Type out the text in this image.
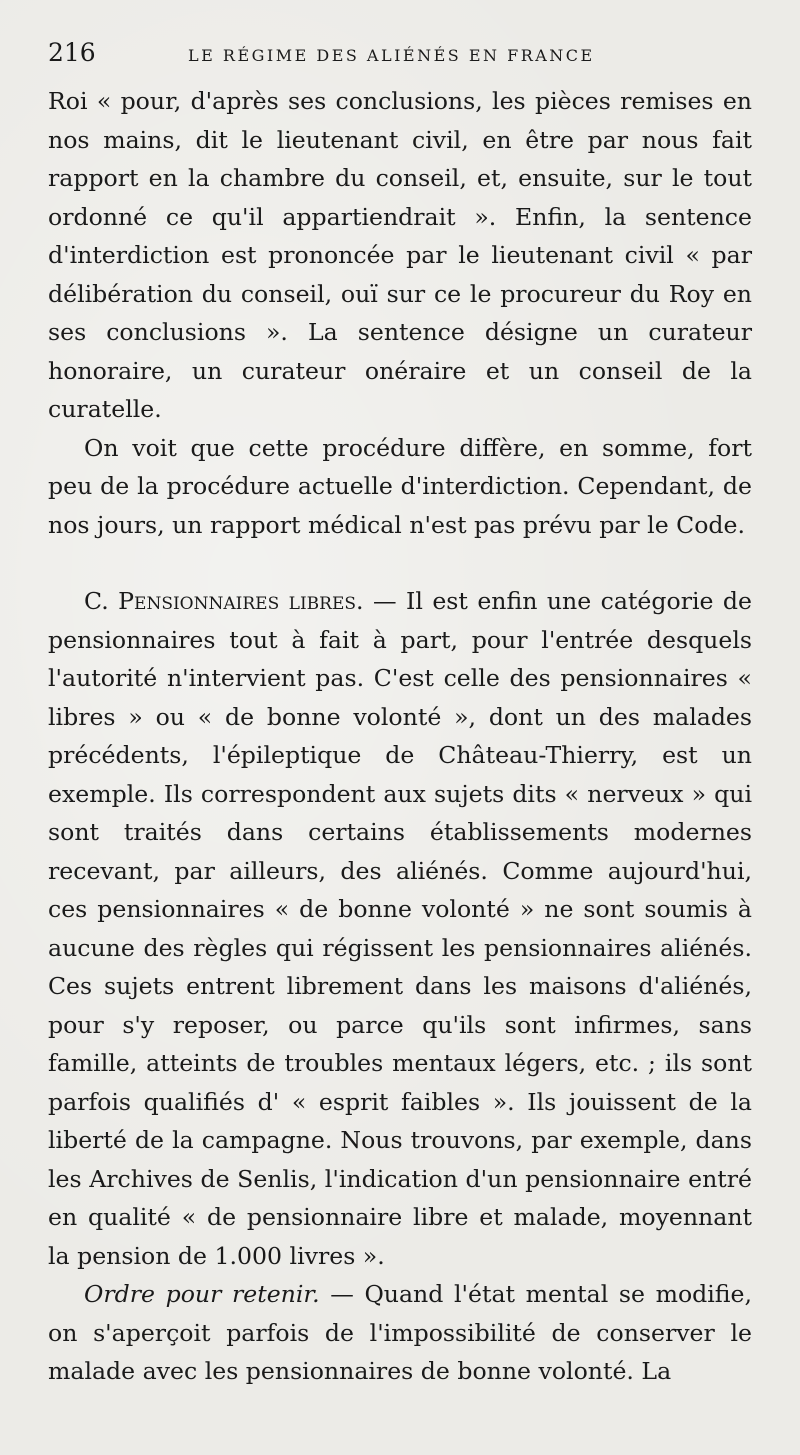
216	LE RÉGIME DES ALIÉNÉS EN FRANCE

Roi « pour, d'après ses conclusions, les pièces remises en nos mains, dit le lieutenant civil, en être par nous fait rapport en la chambre du conseil, et, ensuite, sur le tout ordonné ce qu'il appartiendrait ». Enfin, la sentence d'interdiction est prononcée par le lieutenant civil « par délibération du conseil, ouï sur ce le procureur du Roy en ses conclusions ». La sentence désigne un curateur honoraire, un curateur onéraire et un conseil de la curatelle.

On voit que cette procédure diffère, en somme, fort peu de la procédure actuelle d'interdiction. Cependant, de nos jours, un rapport médical n'est pas prévu par le Code.

C. Pensionnaires libres. — Il est enfin une catégorie de pensionnaires tout à fait à part, pour l'entrée desquels l'autorité n'intervient pas. C'est celle des pensionnaires « libres » ou « de bonne volonté », dont un des malades précédents, l'épileptique de Château-Thierry, est un exemple. Ils correspondent aux sujets dits « nerveux » qui sont traités dans certains établissements modernes recevant, par ailleurs, des aliénés. Comme aujourd'hui, ces pensionnaires « de bonne volonté » ne sont soumis à aucune des règles qui régissent les pensionnaires aliénés. Ces sujets entrent librement dans les maisons d'aliénés, pour s'y reposer, ou parce qu'ils sont infirmes, sans famille, atteints de troubles mentaux légers, etc. ; ils sont parfois qualifiés d' « esprit faibles ». Ils jouissent de la liberté de la campagne. Nous trouvons, par exemple, dans les Archives de Senlis, l'indication d'un pensionnaire entré en qualité « de pensionnaire libre et malade, moyennant la pension de 1.000 livres ».

Ordre pour retenir. — Quand l'état mental se modifie, on s'aperçoit parfois de l'impossibilité de conserver le malade avec les pensionnaires de bonne volonté. La
